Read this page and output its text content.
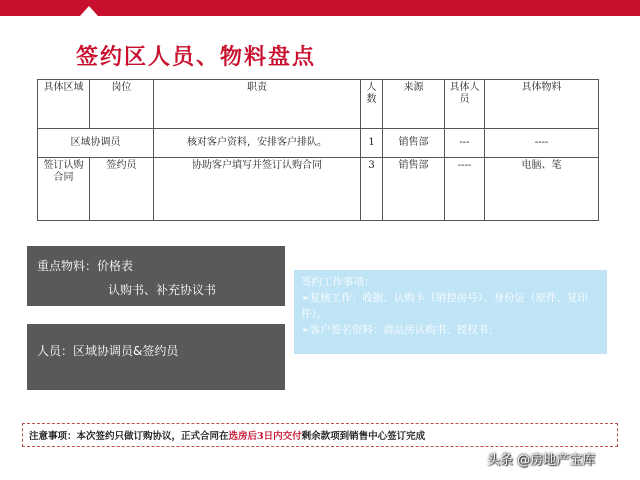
签约区人员、物料盘点
具体区域	岗位	职责	人数	来源	具体人员	具体物料
区域协调员		核对客户资料，安排客户排队。	1	销售部	---	----
签订认购合同	签约员	协助客户填写并签订认购合同	3	销售部	----	电脑、笔
重点物料：价格表
认购书、补充协议书
人员：区域协调员&签约员
签约工作事项：
➢复核工作：收据、认购卡（销控房号）、身份证（原件、复印件）。
➢客户签名资料：商品房认购书、授权书；
注意事项：本次签约只做订购协议，正式合同在选房后3日内交付剩余款项到销售中心签订完成
头条 @房地产宝库
